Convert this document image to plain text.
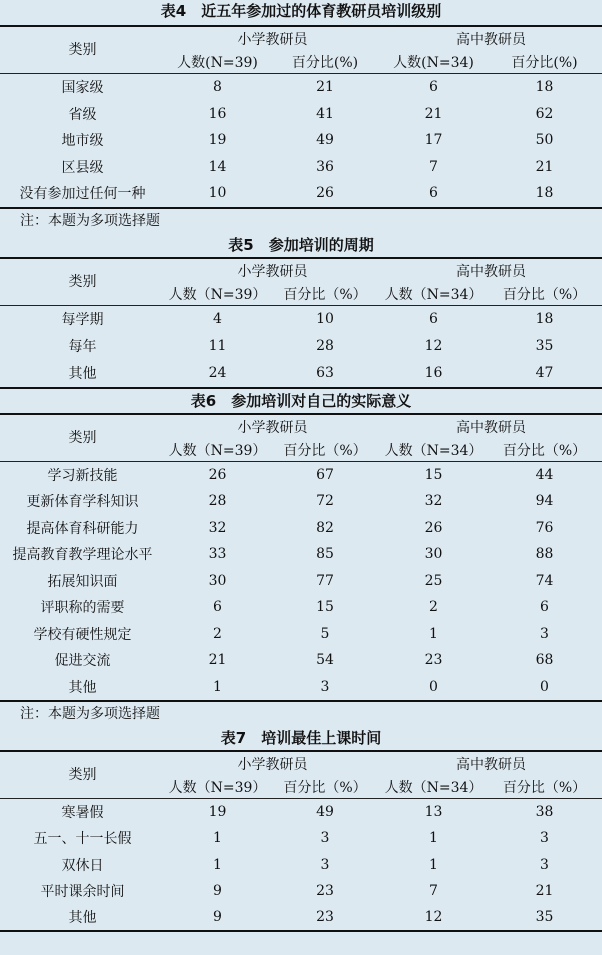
表4　近五年参加过的体育教研员培训级别
类别	小学教研员		高中教研员	
	人数(N=39)	百分比(%)	人数(N=34)	百分比(%)
国家级	8	21	6	18
省级	16	41	21	62
地市级	19	49	17	50
区县级	14	36	7	21
没有参加过任何一种	10	26	6	18
注：本题为多项选择题
表5　参加培训的周期
类别	小学教研员		高中教研员	
	人数（N=39）	百分比（%）	人数（N=34）	百分比（%）
每学期	4	10	6	18
每年	11	28	12	35
其他	24	63	16	47
表6　参加培训对自己的实际意义
类别	小学教研员		高中教研员	
	人数（N=39）	百分比（%）	人数（N=34）	百分比（%）
学习新技能	26	67	15	44
更新体育学科知识	28	72	32	94
提高体育科研能力	32	82	26	76
提高教育教学理论水平	33	85	30	88
拓展知识面	30	77	25	74
评职称的需要	6	15	2	6
学校有硬性规定	2	5	1	3
促进交流	21	54	23	68
其他	1	3	0	0
注：本题为多项选择题
表7　培训最佳上课时间
类别	小学教研员		高中教研员	
	人数（N=39）	百分比（%）	人数（N=34）	百分比（%）
寒暑假	19	49	13	38
五一、十一长假	1	3	1	3
双休日	1	3	1	3
平时课余时间	9	23	7	21
其他	9	23	12	35
